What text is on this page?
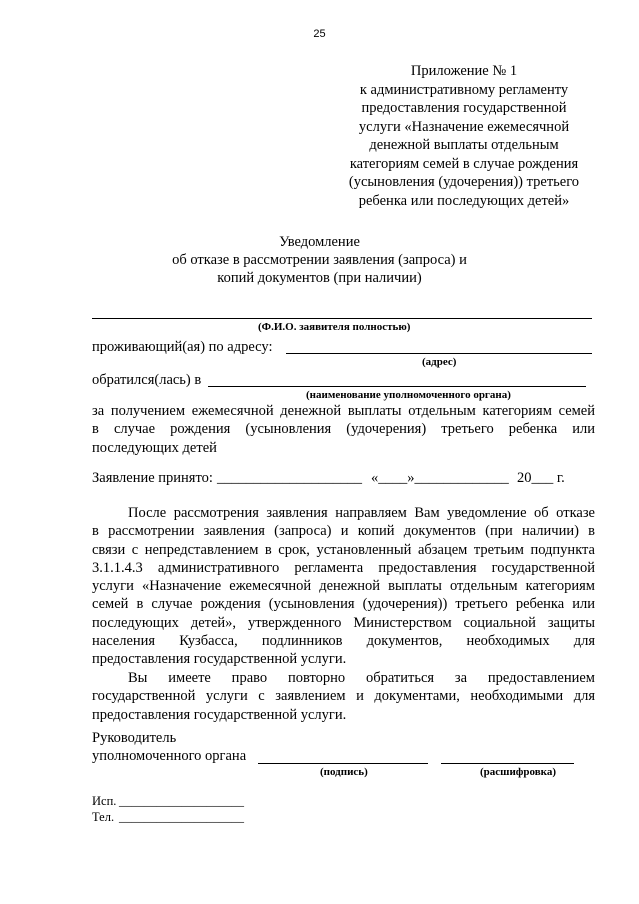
25
Приложение № 1
к административному регламенту
предоставления государственной
услуги «Назначение ежемесячной
денежной выплаты отдельным
категориям семей в случае рождения
(усыновления (удочерения)) третьего
ребенка или последующих детей»
Уведомление
об отказе в рассмотрении заявления (запроса) и
копий документов (при наличии)
(Ф.И.О. заявителя полностью)
проживающий(ая) по адресу:
(адрес)
обратился(лась) в
(наименование уполномоченного органа)
за получением ежемесячной денежной выплаты отдельным категориям семей
в случае рождения (усыновления (удочерения) третьего ребенка или
последующих детей
Заявление принято: ____________________ «____»_____________ 20___ г.
После рассмотрения заявления направляем Вам уведомление об отказе
в рассмотрении заявления (запроса) и копий документов (при наличии) в
связи с непредставлением в срок, установленный абзацем третьим подпункта
3.1.1.4.3 административного регламента предоставления государственной
услуги «Назначение ежемесячной денежной выплаты отдельным категориям
семей в случае рождения (усыновления (удочерения)) третьего ребенка или
последующих детей», утвержденного Министерством социальной защиты
населения Кузбасса, подлинников документов, необходимых для
предоставления государственной услуги.
Вы имеете право повторно обратиться за предоставлением
государственной услуги с заявлением и документами, необходимыми для
предоставления государственной услуги.
Руководитель
уполномоченного органа
(подпись)	(расшифровка)
Исп. ____________________
Тел. ____________________
